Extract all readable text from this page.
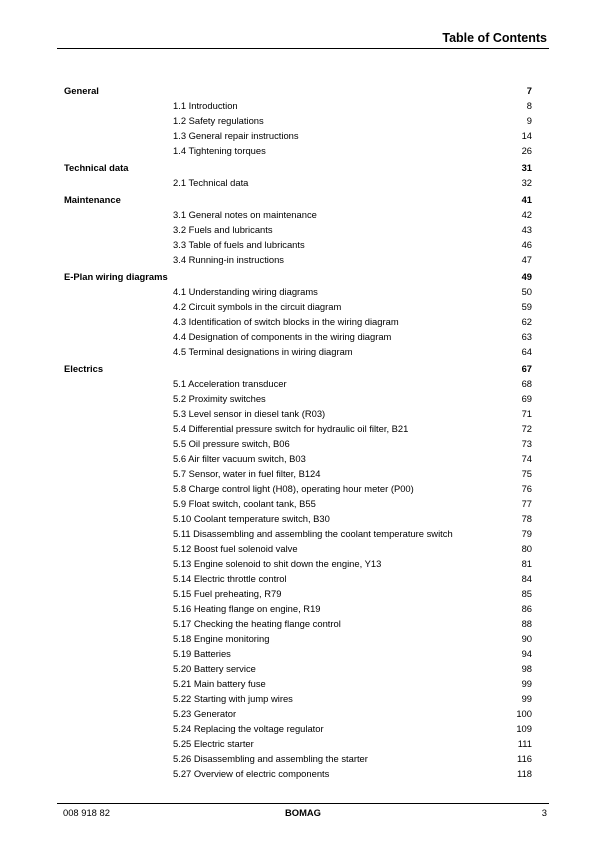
Table of Contents
General	7
1.1 Introduction	8
1.2 Safety regulations	9
1.3 General repair instructions	14
1.4 Tightening torques	26
Technical data	31
2.1 Technical data	32
Maintenance	41
3.1 General notes on maintenance	42
3.2 Fuels and lubricants	43
3.3 Table of fuels and lubricants	46
3.4 Running-in instructions	47
E-Plan wiring diagrams	49
4.1 Understanding wiring diagrams	50
4.2 Circuit symbols in the circuit diagram	59
4.3 Identification of switch blocks in the wiring diagram	62
4.4 Designation of components in the wiring diagram	63
4.5 Terminal designations in wiring diagram	64
Electrics	67
5.1 Acceleration transducer	68
5.2 Proximity switches	69
5.3 Level sensor in diesel tank (R03)	71
5.4 Differential pressure switch for hydraulic oil filter, B21	72
5.5 Oil pressure switch, B06	73
5.6 Air filter vacuum switch, B03	74
5.7 Sensor, water in fuel filter, B124	75
5.8 Charge control light (H08), operating hour meter (P00)	76
5.9 Float switch, coolant tank, B55	77
5.10 Coolant temperature switch, B30	78
5.11 Disassembling and assembling the coolant temperature switch	79
5.12 Boost fuel solenoid valve	80
5.13 Engine solenoid to shit down the engine, Y13	81
5.14 Electric throttle control	84
5.15 Fuel preheating, R79	85
5.16 Heating flange on engine, R19	86
5.17 Checking the heating flange control	88
5.18 Engine monitoring	90
5.19 Batteries	94
5.20 Battery service	98
5.21 Main battery fuse	99
5.22 Starting with jump wires	99
5.23 Generator	100
5.24 Replacing the voltage regulator	109
5.25 Electric starter	111
5.26 Disassembling and assembling the starter	116
5.27 Overview of electric components	118
008 918 82	BOMAG	3
